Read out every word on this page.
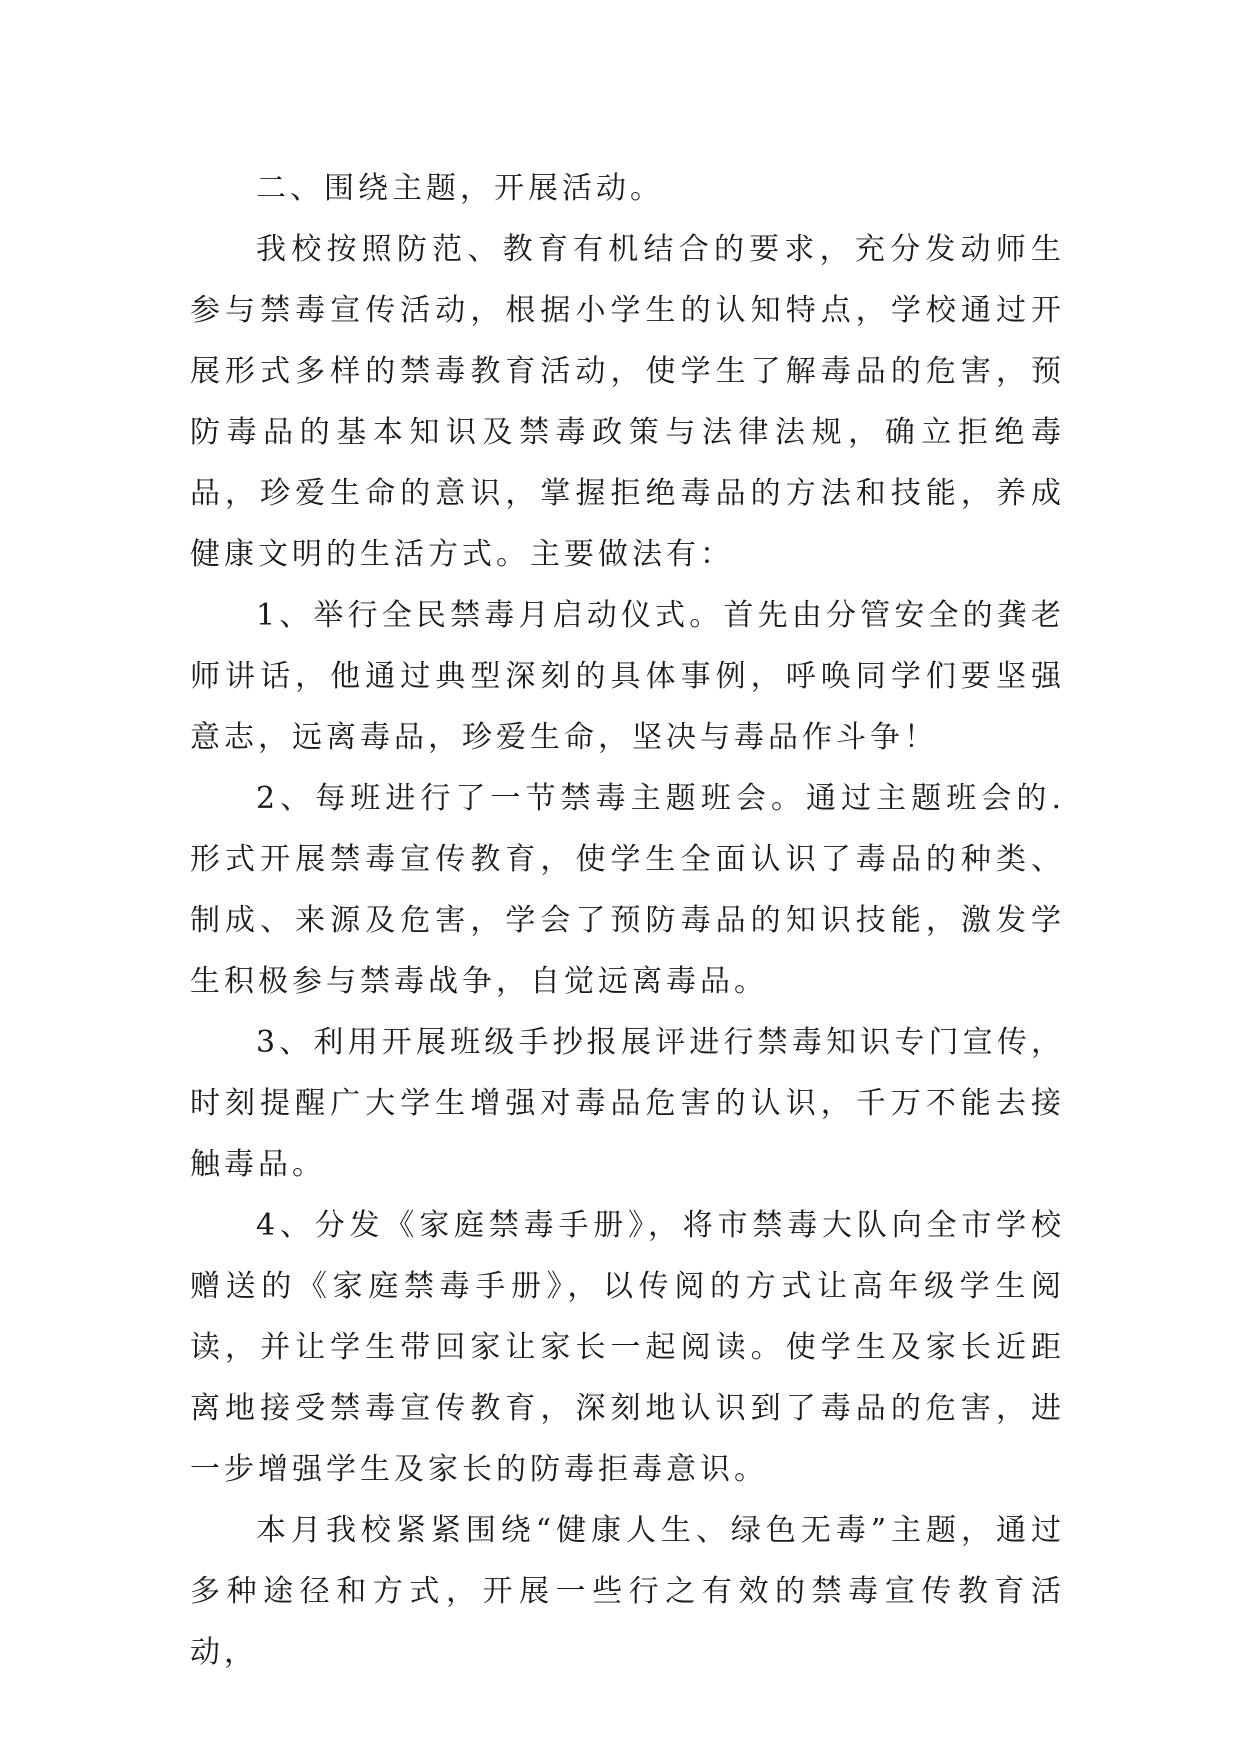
二、围绕主题，开展活动。

我校按照防范、教育有机结合的要求，充分发动师生参与禁毒宣传活动，根据小学生的认知特点，学校通过开展形式多样的禁毒教育活动，使学生了解毒品的危害，预防毒品的基本知识及禁毒政策与法律法规，确立拒绝毒品，珍爱生命的意识，掌握拒绝毒品的方法和技能，养成健康文明的生活方式。主要做法有：

1、举行全民禁毒月启动仪式。首先由分管安全的龚老师讲话，他通过典型深刻的具体事例，呼唤同学们要坚强意志，远离毒品，珍爱生命，坚决与毒品作斗争！

2、每班进行了一节禁毒主题班会。通过主题班会的.形式开展禁毒宣传教育，使学生全面认识了毒品的种类、制成、来源及危害，学会了预防毒品的知识技能，激发学生积极参与禁毒战争，自觉远离毒品。

3、利用开展班级手抄报展评进行禁毒知识专门宣传，时刻提醒广大学生增强对毒品危害的认识，千万不能去接触毒品。

4、分发《家庭禁毒手册》，将市禁毒大队向全市学校赠送的《家庭禁毒手册》，以传阅的方式让高年级学生阅读，并让学生带回家让家长一起阅读。使学生及家长近距离地接受禁毒宣传教育，深刻地认识到了毒品的危害，进一步增强学生及家长的防毒拒毒意识。

本月我校紧紧围绕“健康人生、绿色无毒”主题，通过多种途径和方式，开展一些行之有效的禁毒宣传教育活动，
